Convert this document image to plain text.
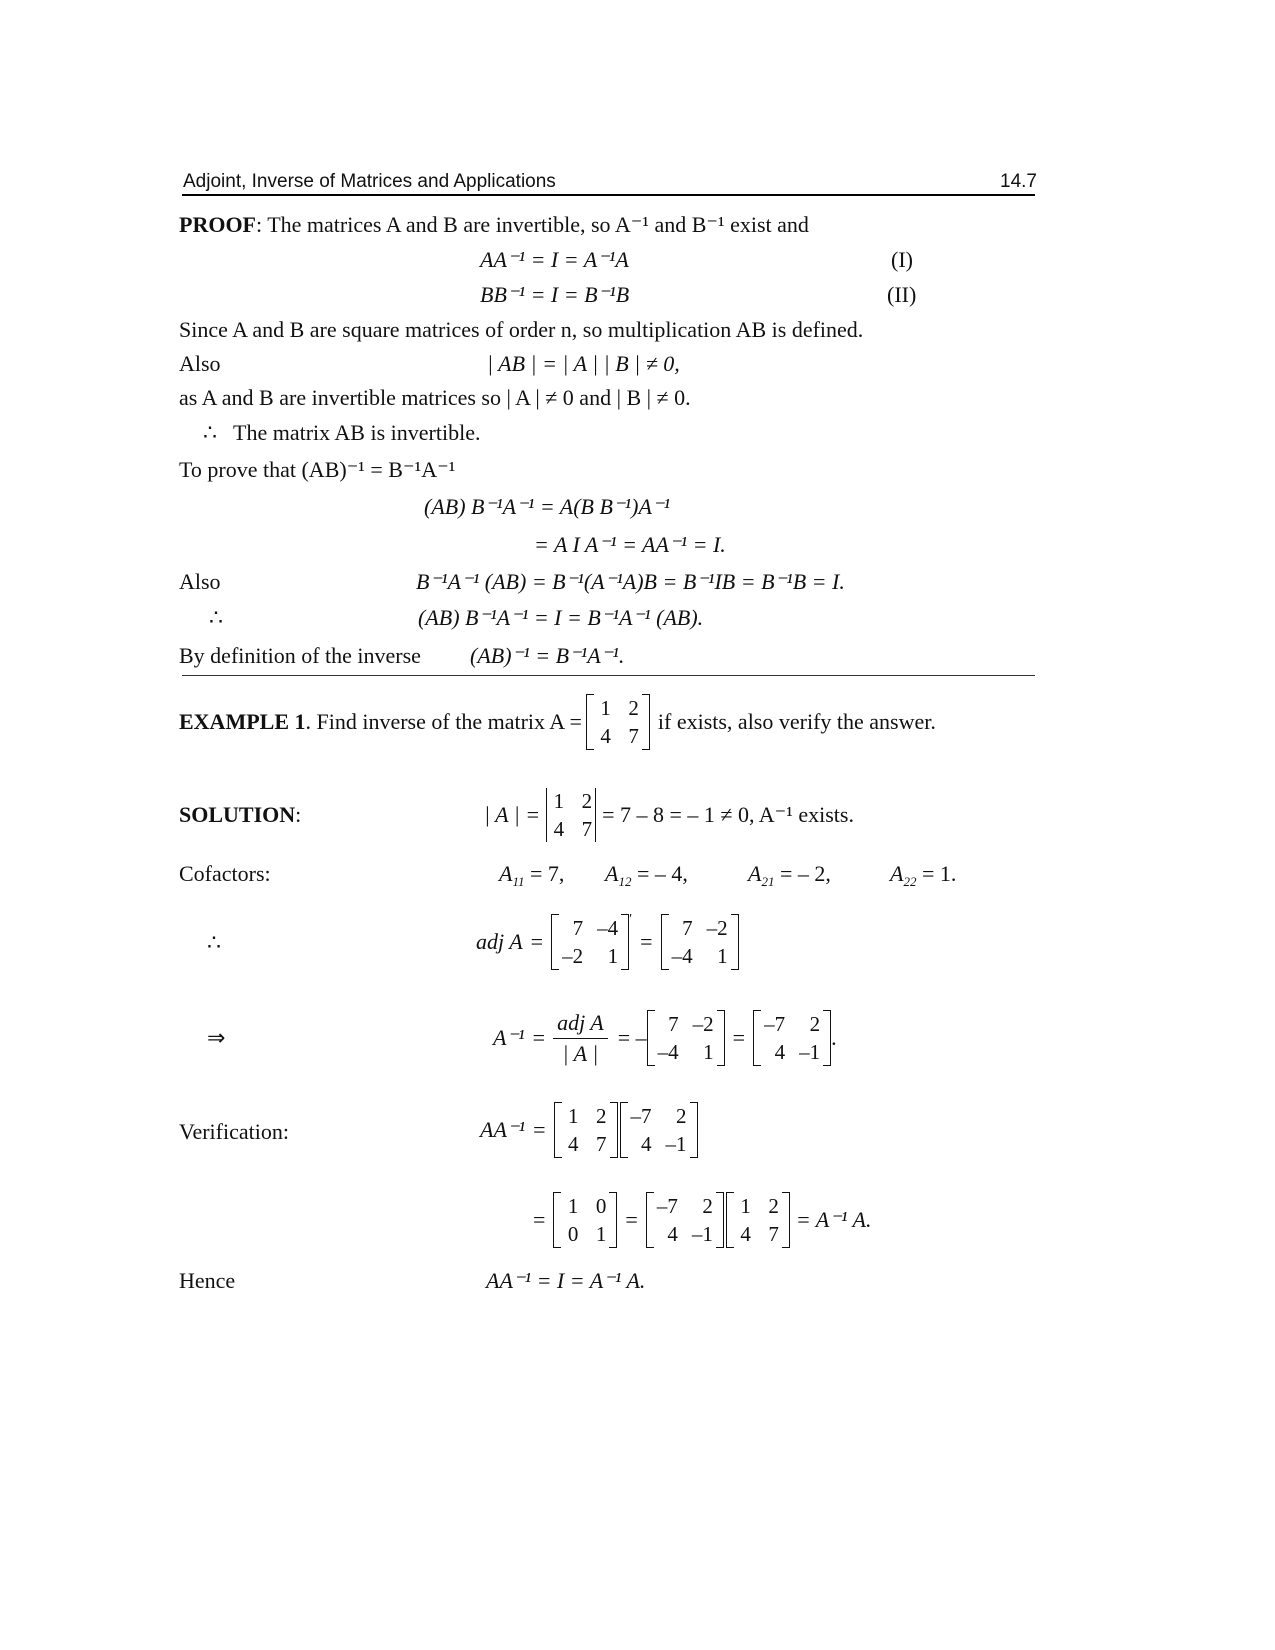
Adjoint, Inverse of Matrices and Applications	14.7
PROOF: The matrices A and B are invertible, so A⁻¹ and B⁻¹ exist and
AA⁻¹ = I = A⁻¹A	(I)
BB⁻¹ = I = B⁻¹B	(II)
Since A and B are square matrices of order n, so multiplication AB is defined.
Also	| AB | = | A | | B | ≠ 0,
as A and B are invertible matrices so | A | ≠ 0 and | B | ≠ 0.
∴ The matrix AB is invertible.
To prove that (AB)⁻¹ = B⁻¹A⁻¹
(AB) B⁻¹A⁻¹ = A(B B⁻¹)A⁻¹
= A I A⁻¹ = AA⁻¹ = I.
Also	B⁻¹A⁻¹ (AB) = B⁻¹(A⁻¹A)B = B⁻¹IB = B⁻¹B = I.
∴	(AB) B⁻¹A⁻¹ = I = B⁻¹A⁻¹ (AB).
By definition of the inverse (AB)⁻¹ = B⁻¹A⁻¹.
EXAMPLE 1 . Find inverse of the matrix A =
1 2
4 7
if exists, also verify the answer.
SOLUTION :	| A | =
1 2
4 7
= 7 – 8 = – 1 ≠ 0, A⁻¹ exists.
Cofactors:	$A_{11} = 7$, $A_{12}$ = – 4,	$A_{21}$ = – 2,	$A_{22} = 1$.
∴	adj A =
7 –4
–2	1
′
=
7 –2
–4	1
⇒	$A^{-1} = \frac{\text{adj A}}{| A |}$ = –
7 –2
–4	1
=
–7	2
4 –1
.
Verification:	AA⁻¹ =
1 2
4 7
–7	2
4 –1
=
1 0
0 1
=
–7	2
4 –1
1 2
4 7
= A⁻¹ A.
Hence	AA⁻¹ = I = A⁻¹ A.
